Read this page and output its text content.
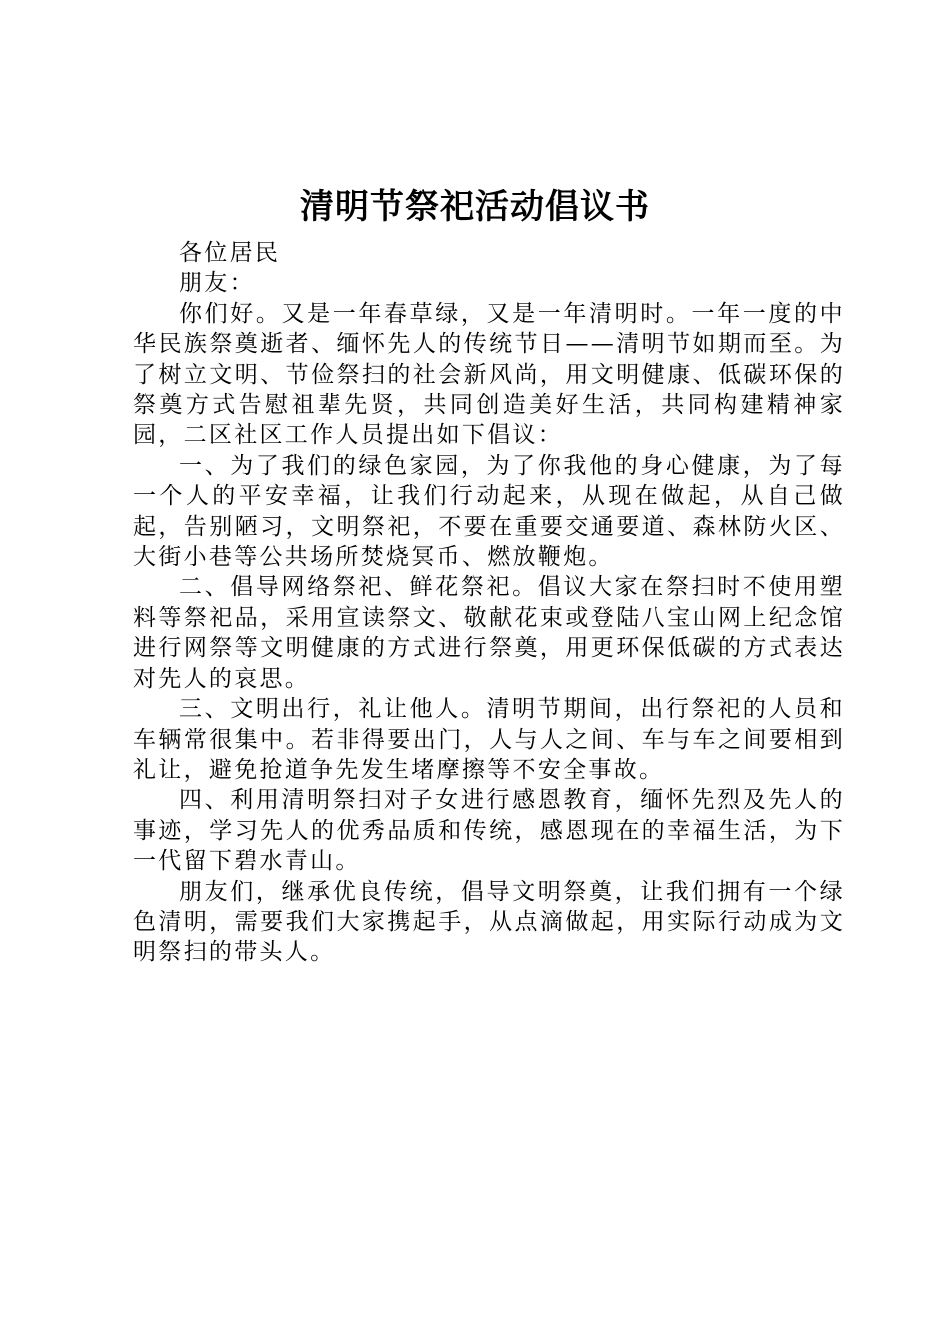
清明节祭祀活动倡议书

各位居民

朋友：

你们好。又是一年春草绿，又是一年清明时。一年一度的中华民族祭奠逝者、缅怀先人的传统节日——清明节如期而至。为了树立文明、节俭祭扫的社会新风尚，用文明健康、低碳环保的祭奠方式告慰祖辈先贤，共同创造美好生活，共同构建精神家园，二区社区工作人员提出如下倡议：

一、为了我们的绿色家园，为了你我他的身心健康，为了每一个人的平安幸福，让我们行动起来，从现在做起，从自己做起，告别陋习，文明祭祀，不要在重要交通要道、森林防火区、大街小巷等公共场所焚烧冥币、燃放鞭炮。

二、倡导网络祭祀、鲜花祭祀。倡议大家在祭扫时不使用塑料等祭祀品，采用宣读祭文、敬献花束或登陆八宝山网上纪念馆进行网祭等文明健康的方式进行祭奠，用更环保低碳的方式表达对先人的哀思。

三、文明出行，礼让他人。清明节期间，出行祭祀的人员和车辆常很集中。若非得要出门，人与人之间、车与车之间要相到礼让，避免抢道争先发生堵摩擦等不安全事故。

四、利用清明祭扫对子女进行感恩教育，缅怀先烈及先人的事迹，学习先人的优秀品质和传统，感恩现在的幸福生活，为下一代留下碧水青山。

朋友们，继承优良传统，倡导文明祭奠，让我们拥有一个绿色清明，需要我们大家携起手，从点滴做起，用实际行动成为文明祭扫的带头人。
